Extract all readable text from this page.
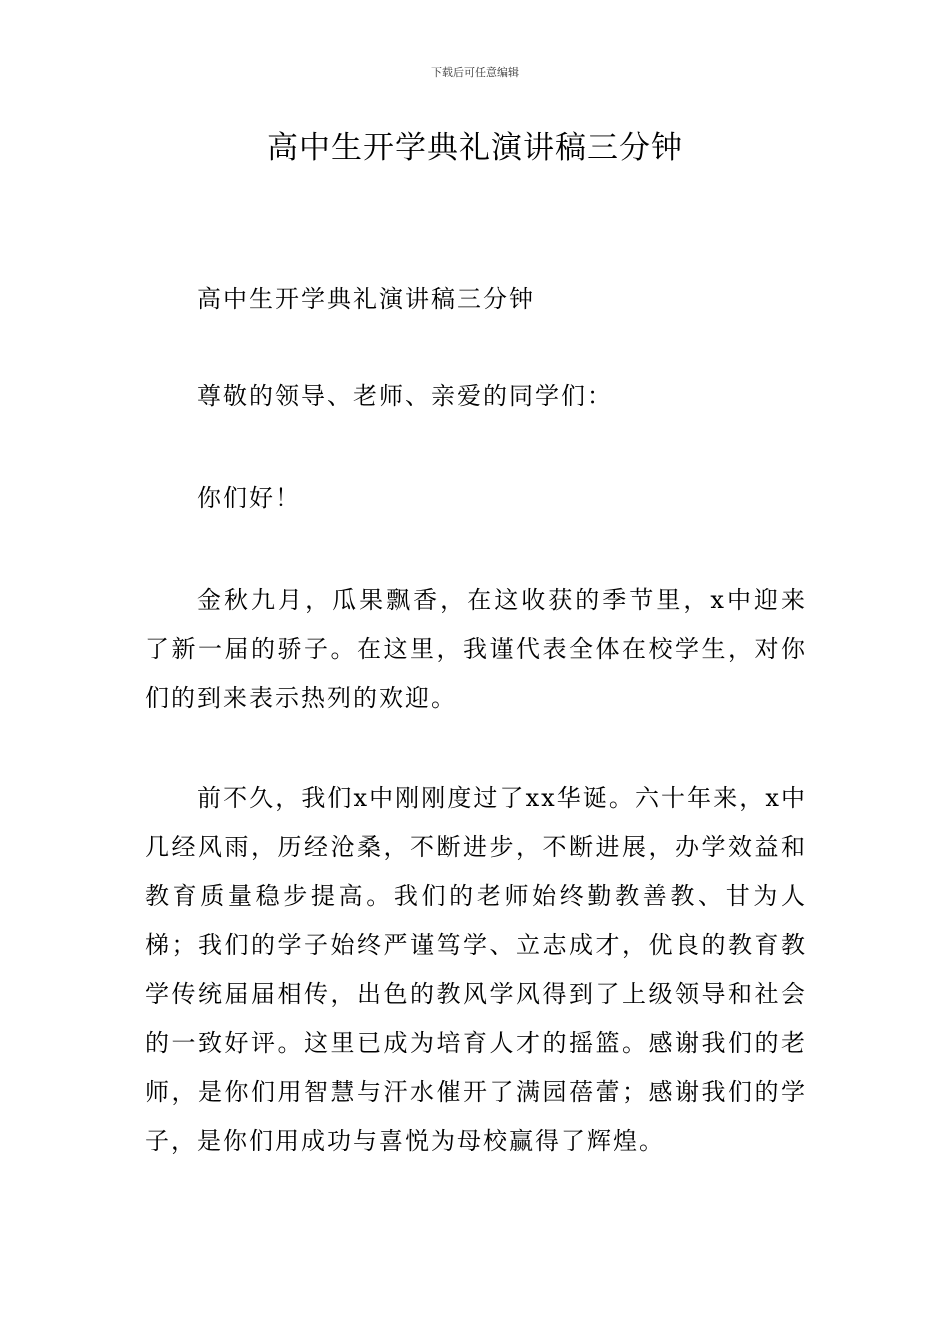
下载后可任意编辑
高中生开学典礼演讲稿三分钟

高中生开学典礼演讲稿三分钟

尊敬的领导、老师、亲爱的同学们：

你们好！

金秋九月，瓜果飘香，在这收获的季节里，x中迎来了新一届的骄子。在这里，我谨代表全体在校学生，对你们的到来表示热列的欢迎。

前不久，我们x中刚刚度过了xx华诞。六十年来，x中几经风雨，历经沧桑，不断进步，不断进展，办学效益和教育质量稳步提高。我们的老师始终勤教善教、甘为人梯；我们的学子始终严谨笃学、立志成才，优良的教育教学传统届届相传，出色的教风学风得到了上级领导和社会的一致好评。这里已成为培育人才的摇篮。感谢我们的老师，是你们用智慧与汗水催开了满园蓓蕾；感谢我们的学子，是你们用成功与喜悦为母校赢得了辉煌。
